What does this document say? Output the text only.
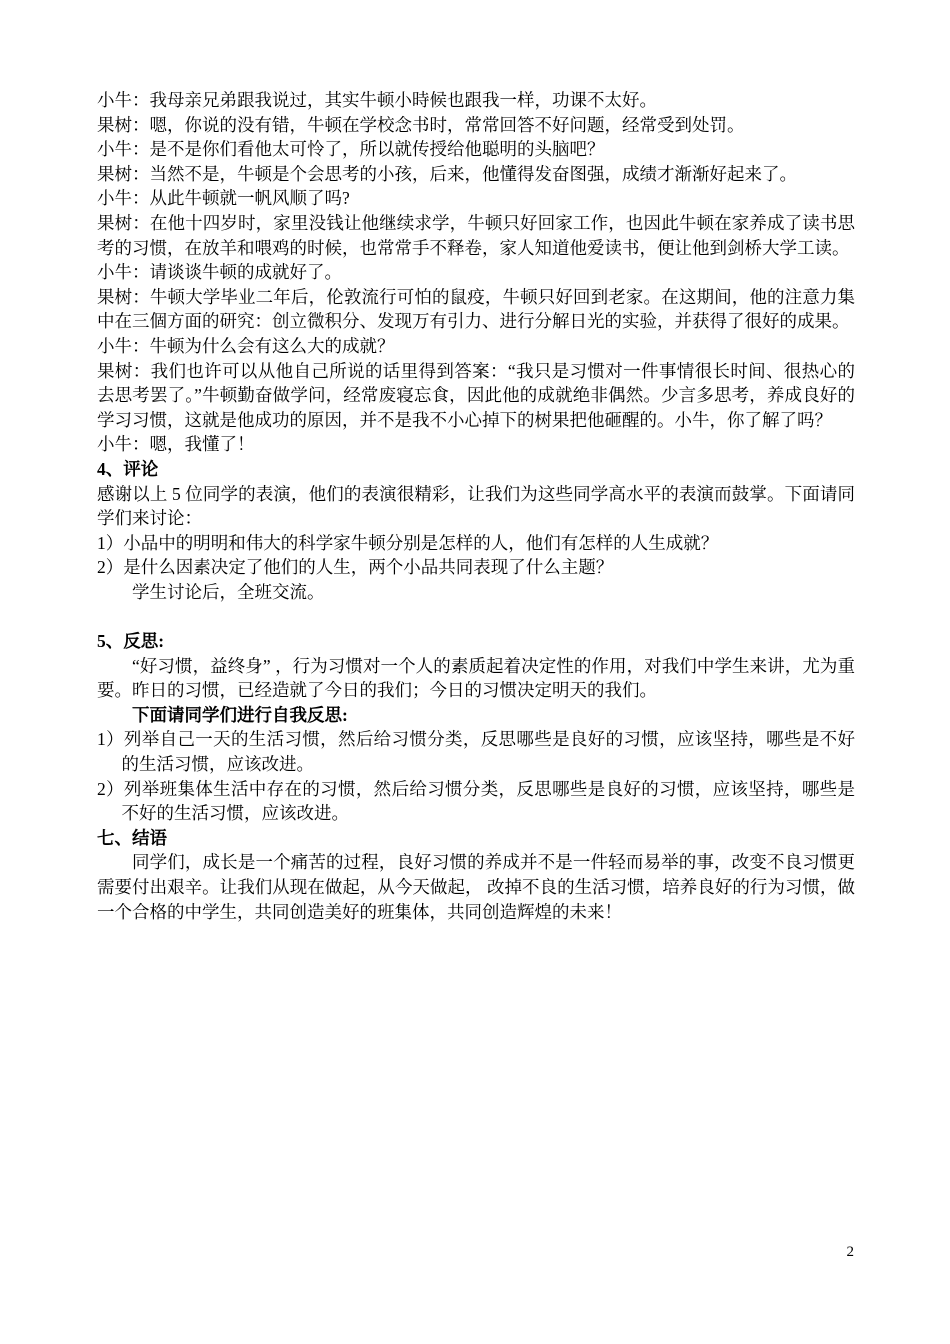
小牛：我母亲兄弟跟我说过，其实牛顿小時候也跟我一样，功课不太好。

果树：嗯，你说的没有错，牛顿在学校念书时，常常回答不好问题，经常受到处罚。

小牛：是不是你们看他太可怜了，所以就传授给他聪明的头脑吧？

果树：当然不是，牛顿是个会思考的小孩，后来，他懂得发奋图强，成绩才渐渐好起来了。

小牛：从此牛顿就一帆风顺了吗?

果树：在他十四岁时，家里没钱让他继续求学，牛顿只好回家工作，也因此牛顿在家养成了读书思考的习惯，在放羊和喂鸡的时候，也常常手不释卷，家人知道他爱读书，便让他到剑桥大学工读。

小牛：请谈谈牛顿的成就好了。

果树：牛顿大学毕业二年后，伦敦流行可怕的鼠疫，牛顿只好回到老家。在这期间，他的注意力集中在三個方面的研究：创立微积分、发现万有引力、进行分解日光的实验，并获得了很好的成果。

小牛：牛顿为什么会有这么大的成就？

果树：我们也许可以从他自己所说的话里得到答案：“我只是习惯对一件事情很长时间、很热心的去思考罢了。”牛顿勤奋做学问，经常废寝忘食，因此他的成就绝非偶然。少言多思考，养成良好的学习习惯，这就是他成功的原因，并不是我不小心掉下的树果把他砸醒的。小牛，你了解了吗？

小牛：嗯，我懂了！

4、评论

感谢以上 5 位同学的表演，他们的表演很精彩，让我们为这些同学高水平的表演而鼓掌。下面请同学们来讨论：

1）小品中的明明和伟大的科学家牛顿分别是怎样的人，他们有怎样的人生成就？

2）是什么因素决定了他们的人生，两个小品共同表现了什么主题？

学生讨论后，全班交流。

5、反思:

“好习惯，益终身” ，行为习惯对一个人的素质起着决定性的作用，对我们中学生来讲，尤为重要。昨日的习惯，已经造就了今日的我们；今日的习惯决定明天的我们。

下面请同学们进行自我反思:

1）列举自己一天的生活习惯，然后给习惯分类，反思哪些是良好的习惯，应该坚持，哪些是不好的生活习惯，应该改进。

2）列举班集体生活中存在的习惯，然后给习惯分类，反思哪些是良好的习惯，应该坚持，哪些是不好的生活习惯，应该改进。

七、结语

同学们，成长是一个痛苦的过程，良好习惯的养成并不是一件轻而易举的事，改变不良习惯更需要付出艰辛。让我们从现在做起，从今天做起， 改掉不良的生活习惯，培养良好的行为习惯，做一个合格的中学生，共同创造美好的班集体，共同创造辉煌的未来！

2
